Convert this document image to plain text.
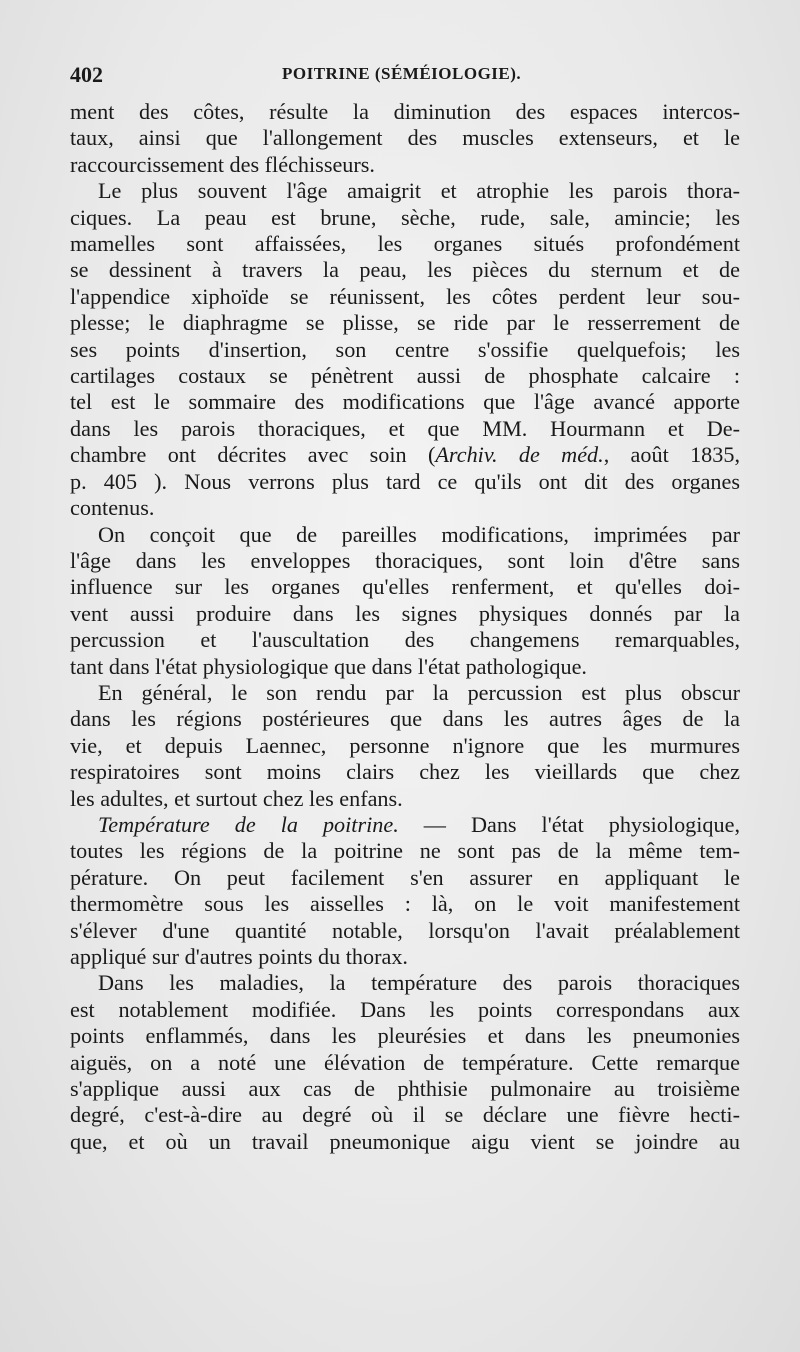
402	POITRINE (SÉMÉIOLOGIE).
ment des côtes, résulte la diminution des espaces intercos-
taux, ainsi que l'allongement des muscles extenseurs, et le
raccourcissement des fléchisseurs.
Le plus souvent l'âge amaigrit et atrophie les parois thora-
ciques. La peau est brune, sèche, rude, sale, amincie; les
mamelles sont affaissées, les organes situés profondément
se dessinent à travers la peau, les pièces du sternum et de
l'appendice xiphoïde se réunissent, les côtes perdent leur sou-
plesse; le diaphragme se plisse, se ride par le resserrement de
ses points d'insertion, son centre s'ossifie quelquefois; les
cartilages costaux se pénètrent aussi de phosphate calcaire :
tel est le sommaire des modifications que l'âge avancé apporte
dans les parois thoraciques, et que MM. Hourmann et De-
chambre ont décrites avec soin (Archiv. de méd., août 1835,
p. 405 ). Nous verrons plus tard ce qu'ils ont dit des organes
contenus.
On conçoit que de pareilles modifications, imprimées par
l'âge dans les enveloppes thoraciques, sont loin d'être sans
influence sur les organes qu'elles renferment, et qu'elles doi-
vent aussi produire dans les signes physiques donnés par la
percussion et l'auscultation des changemens remarquables,
tant dans l'état physiologique que dans l'état pathologique.
En général, le son rendu par la percussion est plus obscur
dans les régions postérieures que dans les autres âges de la
vie, et depuis Laennec, personne n'ignore que les murmures
respiratoires sont moins clairs chez les vieillards que chez
les adultes, et surtout chez les enfans.
Température de la poitrine. — Dans l'état physiologique,
toutes les régions de la poitrine ne sont pas de la même tem-
pérature. On peut facilement s'en assurer en appliquant le
thermomètre sous les aisselles : là, on le voit manifestement
s'élever d'une quantité notable, lorsqu'on l'avait préalablement
appliqué sur d'autres points du thorax.
Dans les maladies, la température des parois thoraciques
est notablement modifiée. Dans les points correspondans aux
points enflammés, dans les pleurésies et dans les pneumonies
aiguës, on a noté une élévation de température. Cette remarque
s'applique aussi aux cas de phthisie pulmonaire au troisième
degré, c'est-à-dire au degré où il se déclare une fièvre hecti-
que, et où un travail pneumonique aigu vient se joindre au
